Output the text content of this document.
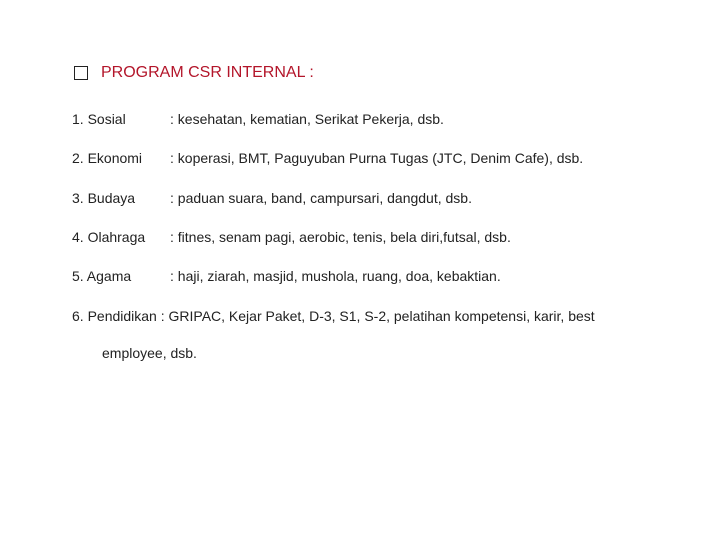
PROGRAM CSR INTERNAL :
1. Sosial	: kesehatan, kematian, Serikat Pekerja, dsb.
2. Ekonomi : koperasi, BMT, Paguyuban Purna Tugas (JTC, Denim Cafe), dsb.
3. Budaya : paduan suara, band, campursari, dangdut, dsb.
4. Olahraga : fitnes, senam pagi, aerobic, tenis, bela diri,futsal, dsb.
5. Agama	: haji, ziarah, masjid, mushola, ruang, doa, kebaktian.
6. Pendidikan : GRIPAC, Kejar Paket, D-3, S1, S-2, pelatihan kompetensi, karir, best
employee, dsb.
